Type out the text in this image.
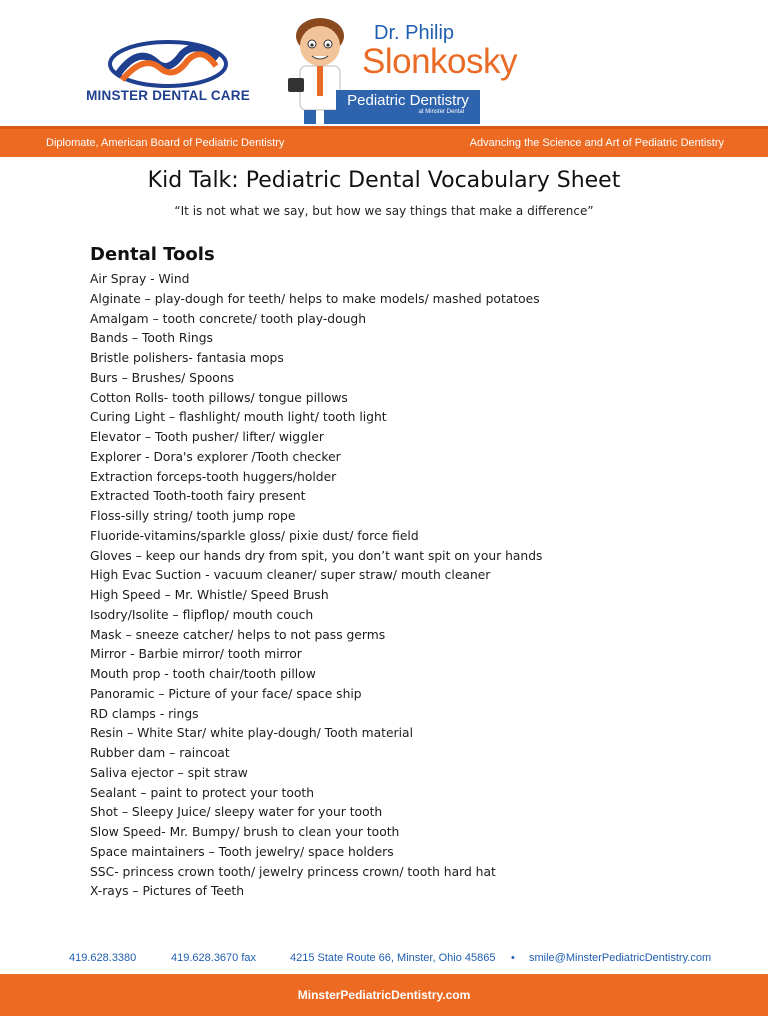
MINSTER DENTAL CARE
Dr. Philip
Slonkosky
Pediatric Dentistry
at Minster Dental
Diplomate, American Board of Pediatric Dentistry	Advancing the Science and Art of Pediatric Dentistry
Kid Talk: Pediatric Dental Vocabulary Sheet
“It is not what we say, but how we say things that make a difference”
Dental Tools
Air Spray - Wind
Alginate – play-dough for teeth/ helps to make models/ mashed potatoes
Amalgam – tooth concrete/ tooth play-dough
Bands – Tooth Rings
Bristle polishers- fantasia mops
Burs – Brushes/ Spoons
Cotton Rolls- tooth pillows/ tongue pillows
Curing Light – flashlight/ mouth light/ tooth light
Elevator – Tooth pusher/ lifter/ wiggler
Explorer - Dora's explorer /Tooth checker
Extraction forceps-tooth huggers/holder
Extracted Tooth-tooth fairy present
Floss-silly string/ tooth jump rope
Fluoride-vitamins/sparkle gloss/ pixie dust/ force field
Gloves – keep our hands dry from spit, you don’t want spit on your hands
High Evac Suction - vacuum cleaner/ super straw/ mouth cleaner
High Speed – Mr. Whistle/ Speed Brush
Isodry/Isolite – flipflop/ mouth couch
Mask – sneeze catcher/ helps to not pass germs
Mirror - Barbie mirror/ tooth mirror
Mouth prop - tooth chair/tooth pillow
Panoramic – Picture of your face/ space ship
RD clamps - rings
Resin – White Star/ white play-dough/ Tooth material
Rubber dam – raincoat
Saliva ejector – spit straw
Sealant – paint to protect your tooth
Shot – Sleepy Juice/ sleepy water for your tooth
Slow Speed- Mr. Bumpy/ brush to clean your tooth
Space maintainers – Tooth jewelry/ space holders
SSC- princess crown tooth/ jewelry princess crown/ tooth hard hat
X-rays – Pictures of Teeth
419.628.3380	419.628.3670 fax	4215 State Route 66, Minster, Ohio 45865 • smile@MinsterPediatricDentistry.com
MinsterPediatricDentistry.com
